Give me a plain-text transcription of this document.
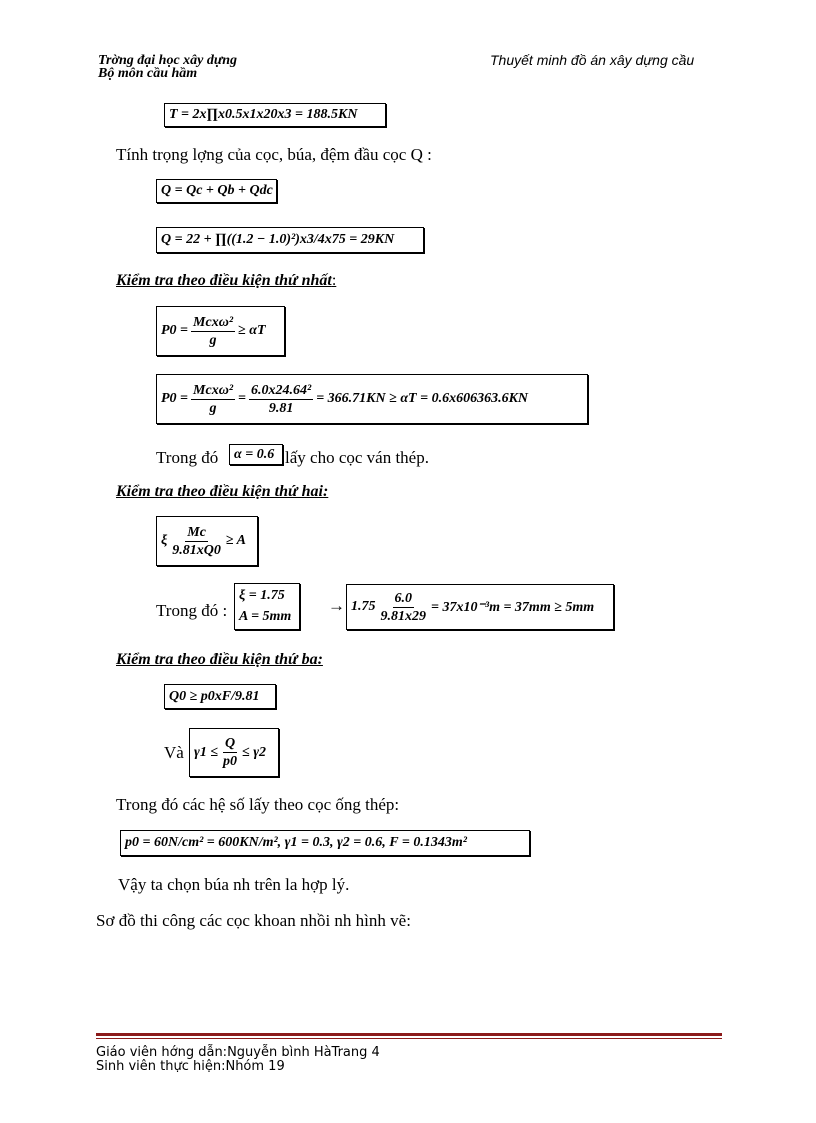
Trờng đại học xây dựng
Bộ môn cầu hầm
Thuyết minh đồ án xây dựng cầu
T = 2x∏x0.5x1x20x3 = 188.5KN
Tính trọng lợng của cọc, búa, đệm đầu cọc Q :
Q = Qc + Qb + Qdc
Q = 22 + ∏((1.2 − 1.0)²)x3/4x75 = 29KN
Kiểm tra theo điều kiện thứ nhất:
$P0 = \frac{\text{Mcxω²}}{g} \ge \alpha T$
$P0 = \frac{\text{Mcxω²}}{g} = \frac{\text{6.0x24.64²}}{9.81} = 366.71KN \ge \alpha T = 0.6x606363.6KN$
Trong đó	α = 0.6 lấy cho cọc ván thép.
Kiểm tra theo điều kiện thứ hai:
ξ $\frac{Mc}{9.81xQ0} \ge A$
Trong đó :
ξ = 1.75
A = 5mm
→ $1.75 \frac{6.0}{9.81x29} = 37x10^{-3}m = 37mm \ge 5mm$
Kiểm tra theo điều kiện thứ ba:
Q0 ≥ p0xF/9.81
Và $\gamma 1 \le \frac{Q}{p0} \le \gamma 2$
Trong đó các hệ số lấy theo cọc ống thép:
p0 = 60N/cm² = 600KN/m², γ1 = 0.3, γ2 = 0.6, F = 0.1343m²
Vậy ta chọn búa nh trên la hợp lý.
Sơ đồ thi công các cọc khoan nhồi nh hình vẽ:
Giáo viên hớng dẫn:Nguyễn bình HàTrang 4
Sinh viên thực hiện:Nhóm 19
